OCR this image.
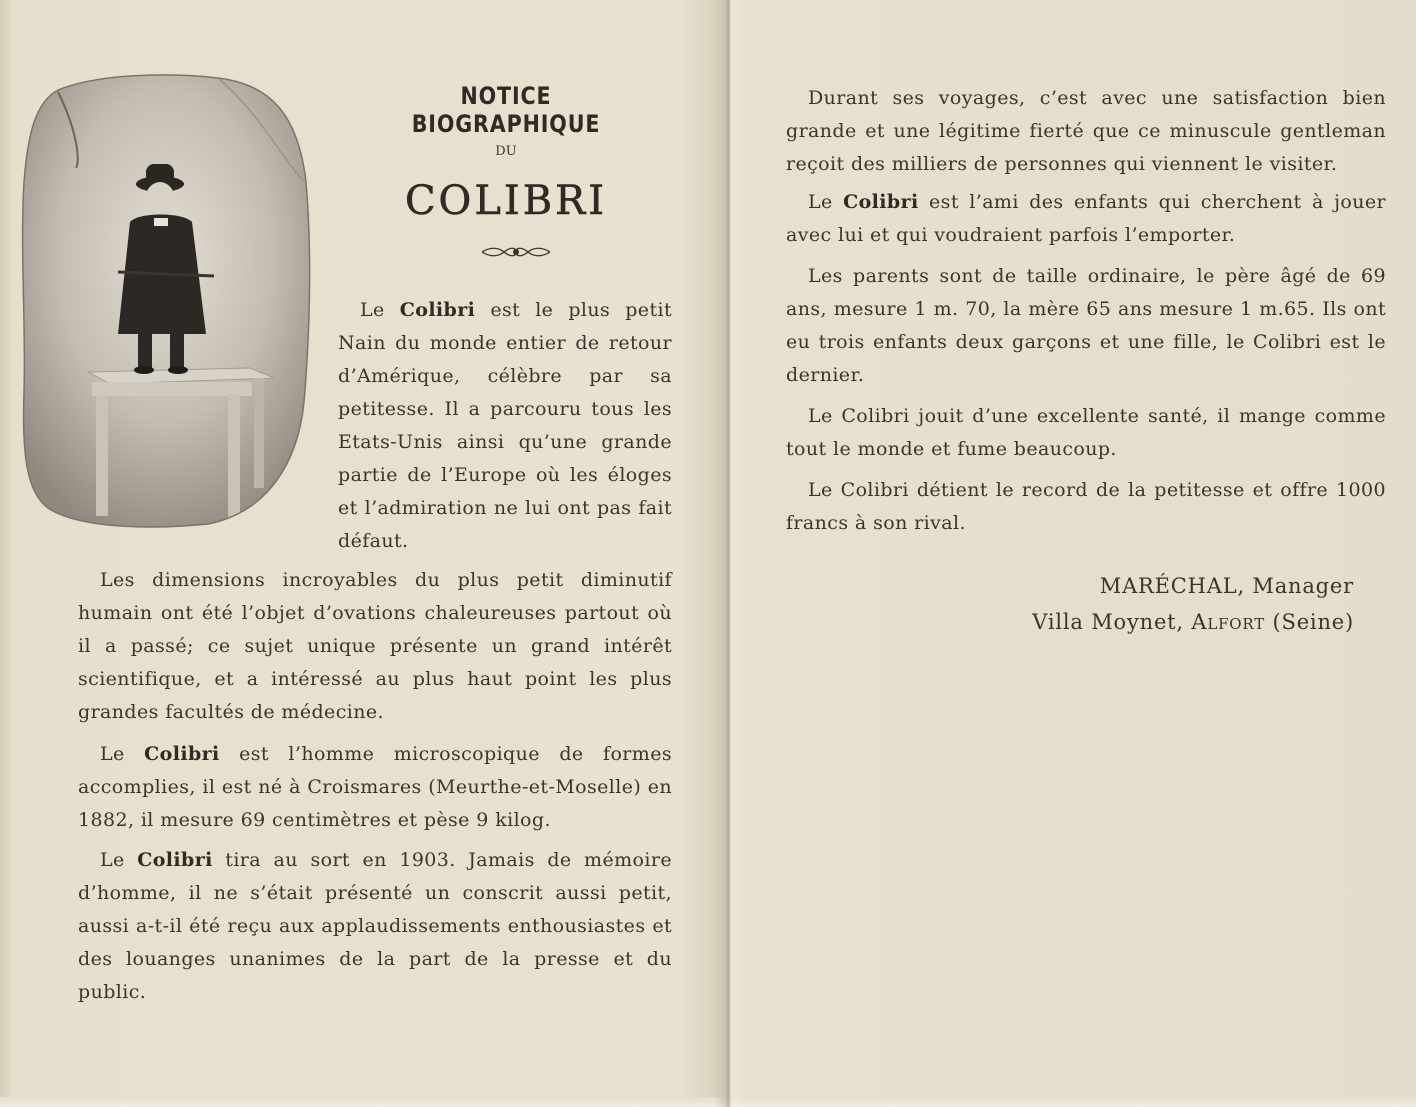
NOTICE BIOGRAPHIQUE
DU
COLIBRI

Le Colibri est le plus petit Nain du monde entier de retour d’Amérique, célèbre par sa petitesse. Il a parcouru tous les Etats-Unis ainsi qu’une grande partie de l’Europe où les éloges et l’admiration ne lui ont pas fait défaut.

Les dimensions incroyables du plus petit diminutif humain ont été l’objet d’ovations chaleureuses partout où il a passé; ce sujet unique présente un grand intérêt scientifique, et a intéressé au plus haut point les plus grandes facultés de médecine.

Le Colibri est l’homme microscopique de formes accomplies, il est né à Croismares (Meurthe-et-Moselle) en 1882, il mesure 69 centimètres et pèse 9 kilog.

Le Colibri tira au sort en 1903. Jamais de mémoire d’homme, il ne s’était présenté un conscrit aussi petit, aussi a-t-il été reçu aux applaudissements enthousiastes et des louanges unanimes de la part de la presse et du public.

Durant ses voyages, c’est avec une satisfaction bien grande et une légitime fierté que ce minuscule gentleman reçoit des milliers de personnes qui viennent le visiter.

Le Colibri est l’ami des enfants qui cherchent à jouer avec lui et qui voudraient parfois l’emporter.

Les parents sont de taille ordinaire, le père âgé de 69 ans, mesure 1 m. 70, la mère 65 ans mesure 1 m.65. Ils ont eu trois enfants deux garçons et une fille, le Colibri est le dernier.

Le Colibri jouit d’une excellente santé, il mange comme tout le monde et fume beaucoup.

Le Colibri détient le record de la petitesse et offre 1000 francs à son rival.

MARÉCHAL, Manager
Villa Moynet, Alfort (Seine)
